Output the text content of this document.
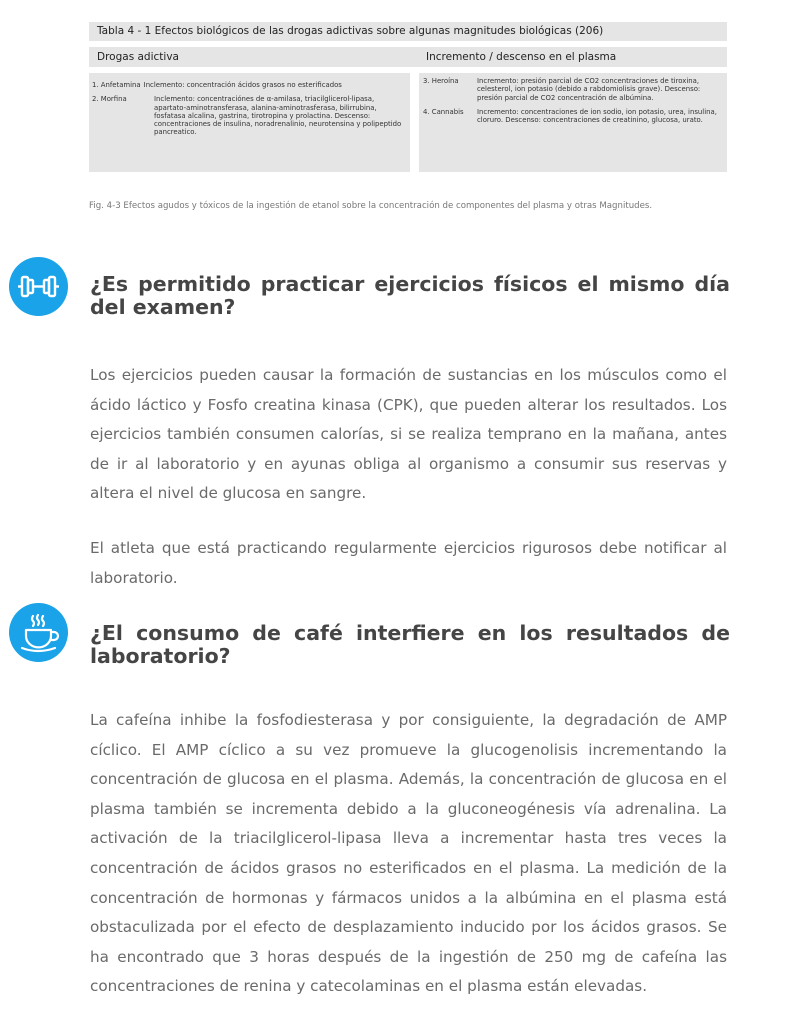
Tabla 4 - 1 Efectos biológicos de las drogas adictivas sobre algunas magnitudes biológicas (206)
Drogas adictiva	Incremento / descenso en el plasma
1. Anfetamina Inclemento: concentración ácidos grasos no esterificados
2. Morfina	Inclemento: concentraciónes de α-amilasa, triacilglicerol-lipasa, apartato-aminotransferasa, alanina-aminotrasferasa, bilirrubina, fosfatasa alcalina, gastrina, tirotropina y prolactina. Descenso: concentraciones de insulina, noradrenalinio, neurotensina y polipeptido pancreatico.
3. Heroína	Incremento: presión parcial de CO2 concentraciones de tiroxina, celesterol, ion potasio (debido a rabdomiolisis grave). Descenso: presión parcial de CO2 concentración de albúmina.
4. Cannabis	Incremento: concentraciones de ion sodio, ion potasio, urea, insulina, cloruro. Descenso: concentraciones de creatinino, glucosa, urato.
Fig. 4-3 Efectos agudos y tóxicos de la ingestión de etanol sobre la concentración de componentes del plasma y otras Magnitudes.
¿Es permitido practicar ejercicios físicos el mismo día del examen?
Los ejercicios pueden causar la formación de sustancias en los músculos como el ácido láctico y Fosfo creatina kinasa (CPK), que pueden alterar los resultados. Los ejercicios también consumen calorías, si se realiza temprano en la mañana, antes de ir al laboratorio y en ayunas obliga al organismo a consumir sus reservas y altera el nivel de glucosa en sangre.
El atleta que está practicando regularmente ejercicios rigurosos debe notificar al laboratorio.
¿El consumo de café interfiere en los resultados de laboratorio?
La cafeína inhibe la fosfodiesterasa y por consiguiente, la degradación de AMP cíclico. El AMP cíclico a su vez promueve la glucogenolisis incrementando la concentración de glucosa en el plasma. Además, la concentración de glucosa en el plasma también se incrementa debido a la gluconeogénesis vía adrenalina. La activación de la triacilglicerol-lipasa lleva a incrementar hasta tres veces la concentración de ácidos grasos no esterificados en el plasma. La medición de la concentración de hormonas y fármacos unidos a la albúmina en el plasma está obstaculizada por el efecto de desplazamiento inducido por los ácidos grasos. Se ha encontrado que 3 horas después de la ingestión de 250 mg de cafeína las concentraciones de renina y catecolaminas en el plasma están elevadas.
